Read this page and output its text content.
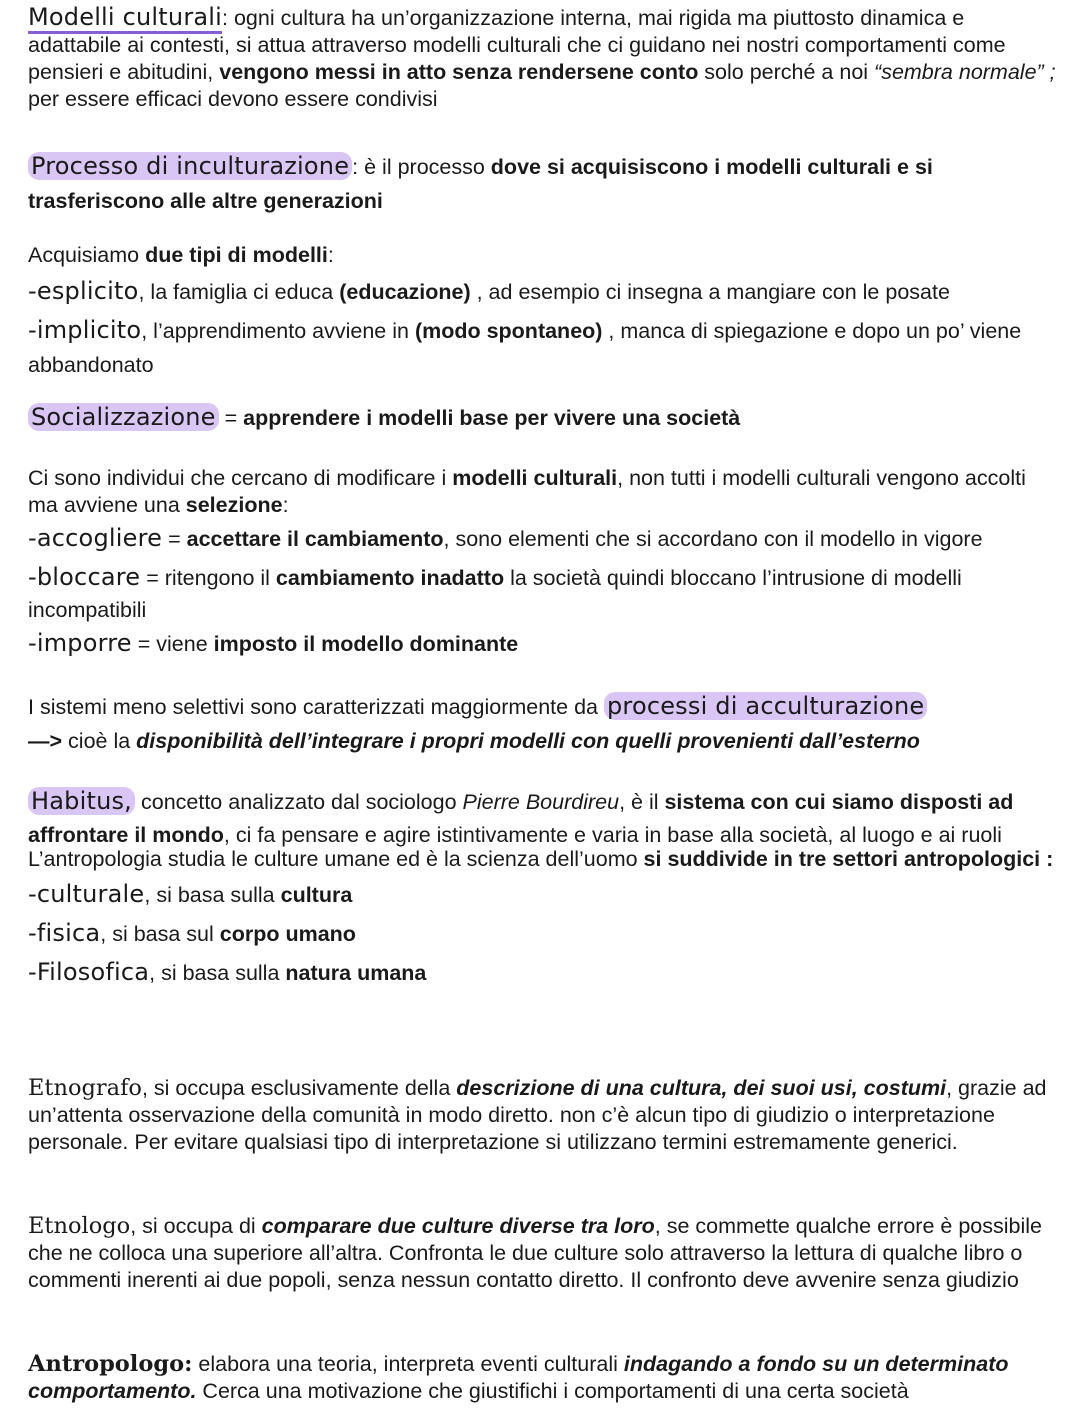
Modelli culturali: ogni cultura ha un’organizzazione interna, mai rigida ma piuttosto dinamica e adattabile ai contesti, si attua attraverso modelli culturali che ci guidano nei nostri comportamenti come pensieri e abitudini, vengono messi in atto senza rendersene conto solo perché a noi “sembra normale” ; per essere efficaci devono essere condivisi

Processo di inculturazione : è il processo dove si acquisiscono i modelli culturali e si trasferiscono alle altre generazioni

Acquisiamo due tipi di modelli:

-esplicito, la famiglia ci educa (educazione) , ad esempio ci insegna a mangiare con le posate

-implicito, l’apprendimento avviene in (modo spontaneo) , manca di spiegazione e dopo un po’ viene abbandonato

Socializzazione = apprendere i modelli base per vivere una società

Ci sono individui che cercano di modificare i modelli culturali, non tutti i modelli culturali vengono accolti ma avviene una selezione:

-accogliere = accettare il cambiamento, sono elementi che si accordano con il modello in vigore

-bloccare = ritengono il cambiamento inadatto la società quindi bloccano l’intrusione di modelli incompatibili

-imporre = viene imposto il modello dominante

I sistemi meno selettivi sono caratterizzati maggiormente da processi di acculturazione

—> cioè la disponibilità dell’integrare i propri modelli con quelli provenienti dall’esterno

Habitus, concetto analizzato dal sociologo Pierre Bourdireu, è il sistema con cui siamo disposti ad affrontare il mondo, ci fa pensare e agire istintivamente e varia in base alla società, al luogo e ai ruoli

L’antropologia studia le culture umane ed è la scienza dell’uomo si suddivide in tre settori antropologici :

-culturale, si basa sulla cultura

-fisica, si basa sul corpo umano

-Filosofica, si basa sulla natura umana

Etnografo, si occupa esclusivamente della descrizione di una cultura, dei suoi usi, costumi, grazie ad un’attenta osservazione della comunità in modo diretto. non c’è alcun tipo di giudizio o interpretazione personale. Per evitare qualsiasi tipo di interpretazione si utilizzano termini estremamente generici.

Etnologo, si occupa di comparare due culture diverse tra loro, se commette qualche errore è possibile che ne colloca una superiore all’altra. Confronta le due culture solo attraverso la lettura di qualche libro o commenti inerenti ai due popoli, senza nessun contatto diretto. Il confronto deve avvenire senza giudizio

Antropologo: elabora una teoria, interpreta eventi culturali indagando a fondo su un determinato comportamento. Cerca una motivazione che giustifichi i comportamenti di una certa società
